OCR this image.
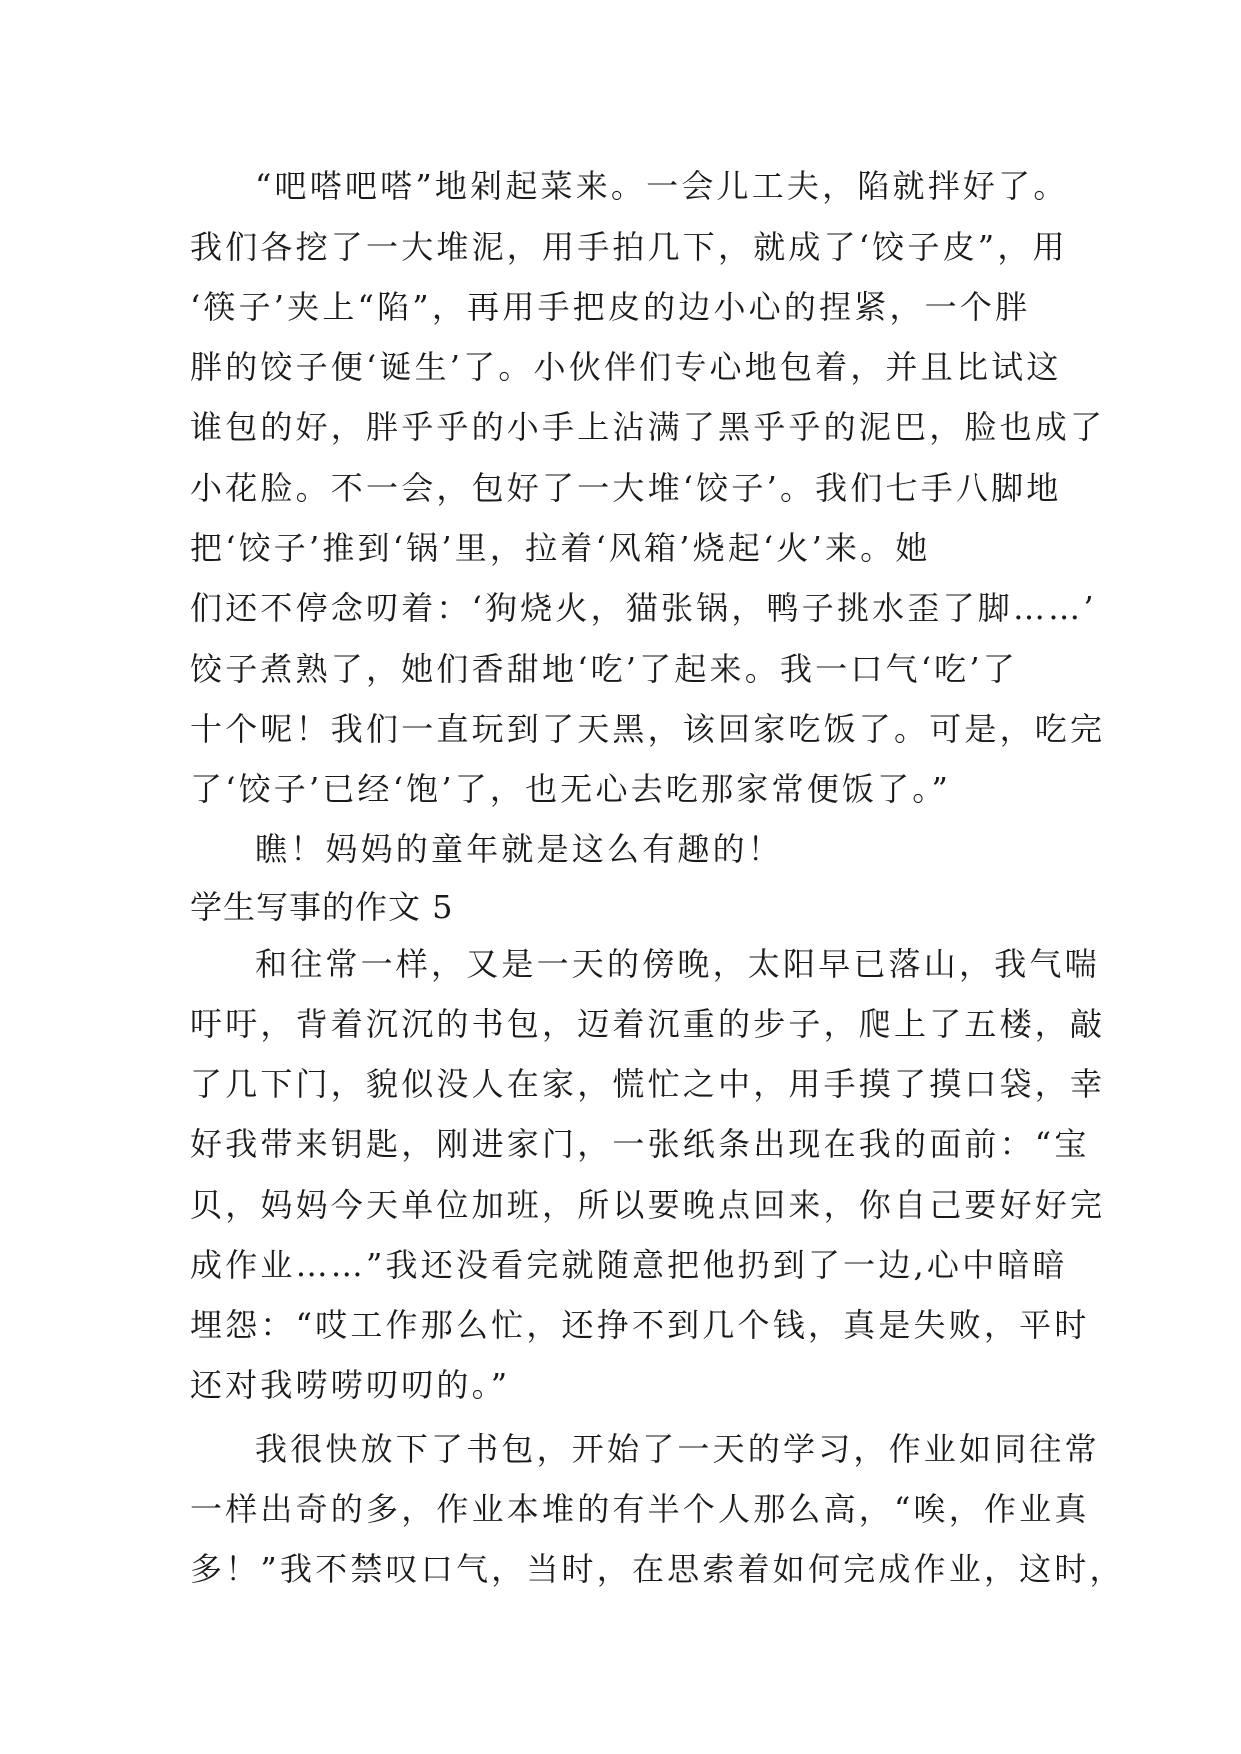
“吧嗒吧嗒”地剁起菜来。一会儿工夫，陷就拌好了。
我们各挖了一大堆泥，用手拍几下，就成了‘饺子皮”，用
‘筷子’夹上“陷”，再用手把皮的边小心的捏紧，一个胖
胖的饺子便‘诞生’了。小伙伴们专心地包着，并且比试这
谁包的好，胖乎乎的小手上沾满了黑乎乎的泥巴，脸也成了
小花脸。不一会，包好了一大堆‘饺子’。我们七手八脚地
把‘饺子’推到‘锅’里，拉着‘风箱’烧起‘火’来。她
们还不停念叨着：‘狗烧火，猫张锅，鸭子挑水歪了脚……’
饺子煮熟了，她们香甜地‘吃’了起来。我一口气‘吃’了
十个呢！我们一直玩到了天黑，该回家吃饭了。可是，吃完
了‘饺子’已经‘饱’了，也无心去吃那家常便饭了。”
瞧！妈妈的童年就是这么有趣的！
学生写事的作文 5
和往常一样，又是一天的傍晚，太阳早已落山，我气喘
吁吁，背着沉沉的书包，迈着沉重的步子，爬上了五楼，敲
了几下门，貌似没人在家，慌忙之中，用手摸了摸口袋，幸
好我带来钥匙，刚进家门，一张纸条出现在我的面前：“宝
贝，妈妈今天单位加班，所以要晚点回来，你自己要好好完
成作业……”我还没看完就随意把他扔到了一边,心中暗暗
埋怨：“哎工作那么忙，还挣不到几个钱，真是失败，平时
还对我唠唠叨叨的。”
我很快放下了书包，开始了一天的学习，作业如同往常
一样出奇的多，作业本堆的有半个人那么高，“唉，作业真
多！”我不禁叹口气，当时，在思索着如何完成作业，这时，
